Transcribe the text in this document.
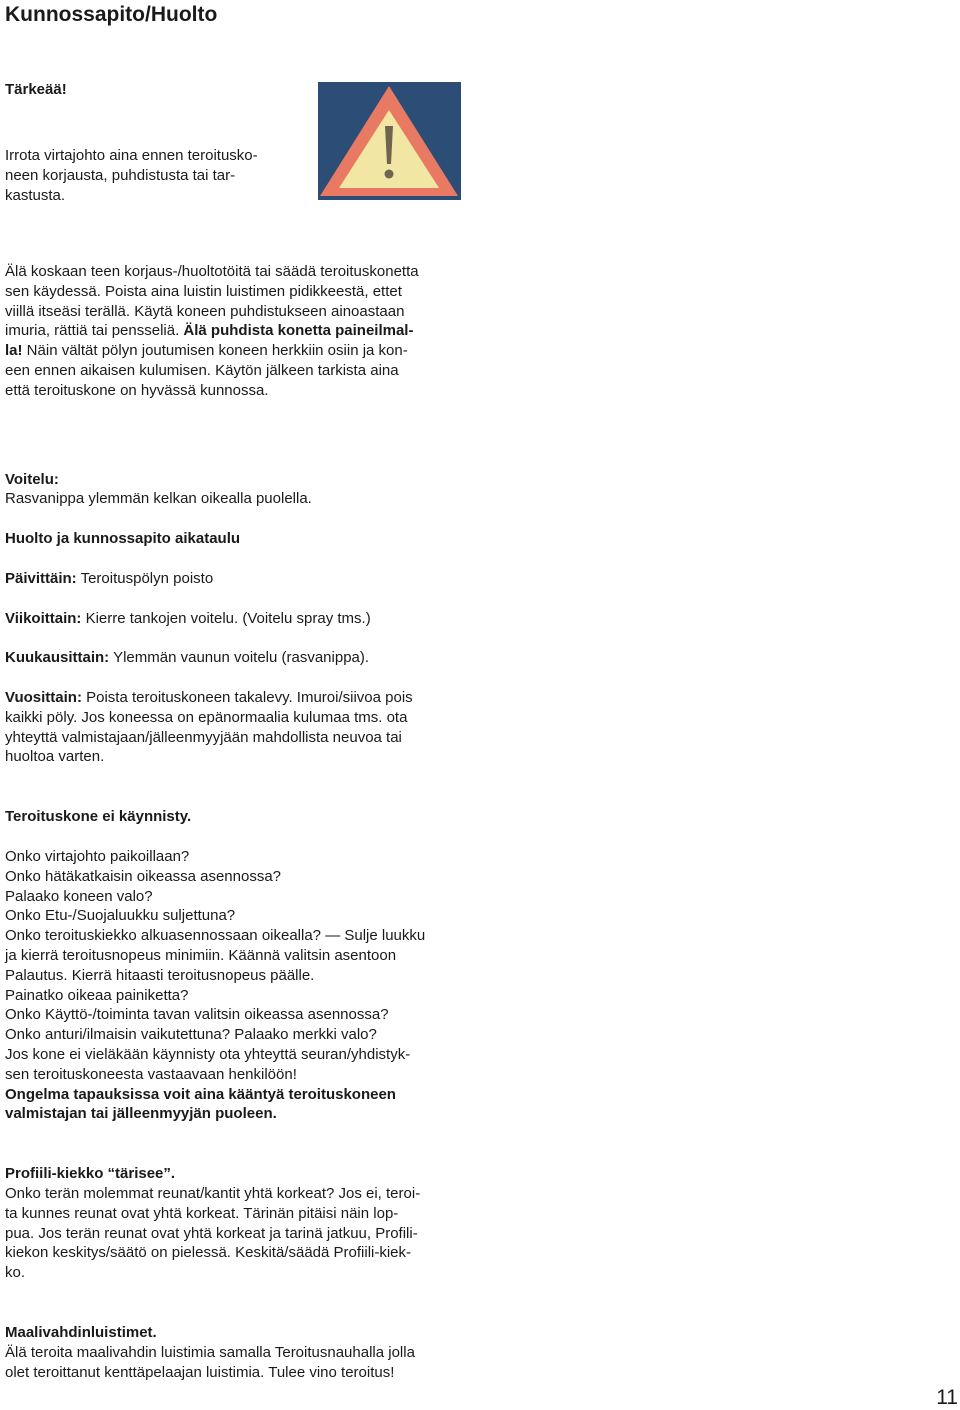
Kunnossapito/Huolto
Tärkeää!
Irrota virtajohto aina ennen teroitusko-
neen korjausta, puhdistusta tai tar-
kastusta.
Älä koskaan teen korjaus-/huoltotöitä tai säädä teroituskonetta
sen käydessä. Poista aina luistin luistimen pidikkeestä, ettet
viillä itseäsi terällä. Käytä koneen puhdistukseen ainoastaan
imuria, rättiä tai pensseliä. Älä puhdista konetta paineilmal-
la! Näin vältät pölyn joutumisen koneen herkkiin osiin ja kon-
een ennen aikaisen kulumisen. Käytön jälkeen tarkista aina
että teroituskone on hyvässä kunnossa.
Voitelu:
Rasvanippa ylemmän kelkan oikealla puolella.
Huolto ja kunnossapito aikataulu
Päivittäin: Teroituspölyn poisto
Viikoittain: Kierre tankojen voitelu. (Voitelu spray tms.)
Kuukausittain: Ylemmän vaunun voitelu (rasvanippa).
Vuosittain: Poista teroituskoneen takalevy. Imuroi/siivoa pois
kaikki pöly. Jos koneessa on epänormaalia kulumaa tms. ota
yhteyttä valmistajaan/jälleenmyyjään mahdollista neuvoa tai
huoltoa varten.
Teroituskone ei käynnisty.
Onko virtajohto paikoillaan?
Onko hätäkatkaisin oikeassa asennossa?
Palaako koneen valo?
Onko Etu-/Suojaluukku suljettuna?
Onko teroituskiekko alkuasennossaan oikealla? — Sulje luukku
ja kierrä teroitusnopeus minimiin. Käännä valitsin asentoon
Palautus. Kierrä hitaasti teroitusnopeus päälle.
Painatko oikeaa painiketta?
Onko Käyttö-/toiminta tavan valitsin oikeassa asennossa?
Onko anturi/ilmaisin vaikutettuna? Palaako merkki valo?
Jos kone ei vieläkään käynnisty ota yhteyttä seuran/yhdistyk-
sen teroituskoneesta vastaavaan henkilöön!
Ongelma tapauksissa voit aina kääntyä teroituskoneen
valmistajan tai jälleenmyyjän puoleen.
Profiili-kiekko “tärisee”.
Onko terän molemmat reunat/kantit yhtä korkeat? Jos ei, teroi-
ta kunnes reunat ovat yhtä korkeat. Tärinän pitäisi näin lop-
pua. Jos terän reunat ovat yhtä korkeat ja tarinä jatkuu, Profili-
kiekon keskitys/säätö on pielessä. Keskitä/säädä Profiili-kiek-
ko.
Maalivahdinluistimet.
Älä teroita maalivahdin luistimia samalla Teroitusnauhalla jolla
olet teroittanut kenttäpelaajan luistimia. Tulee vino teroitus!
11
